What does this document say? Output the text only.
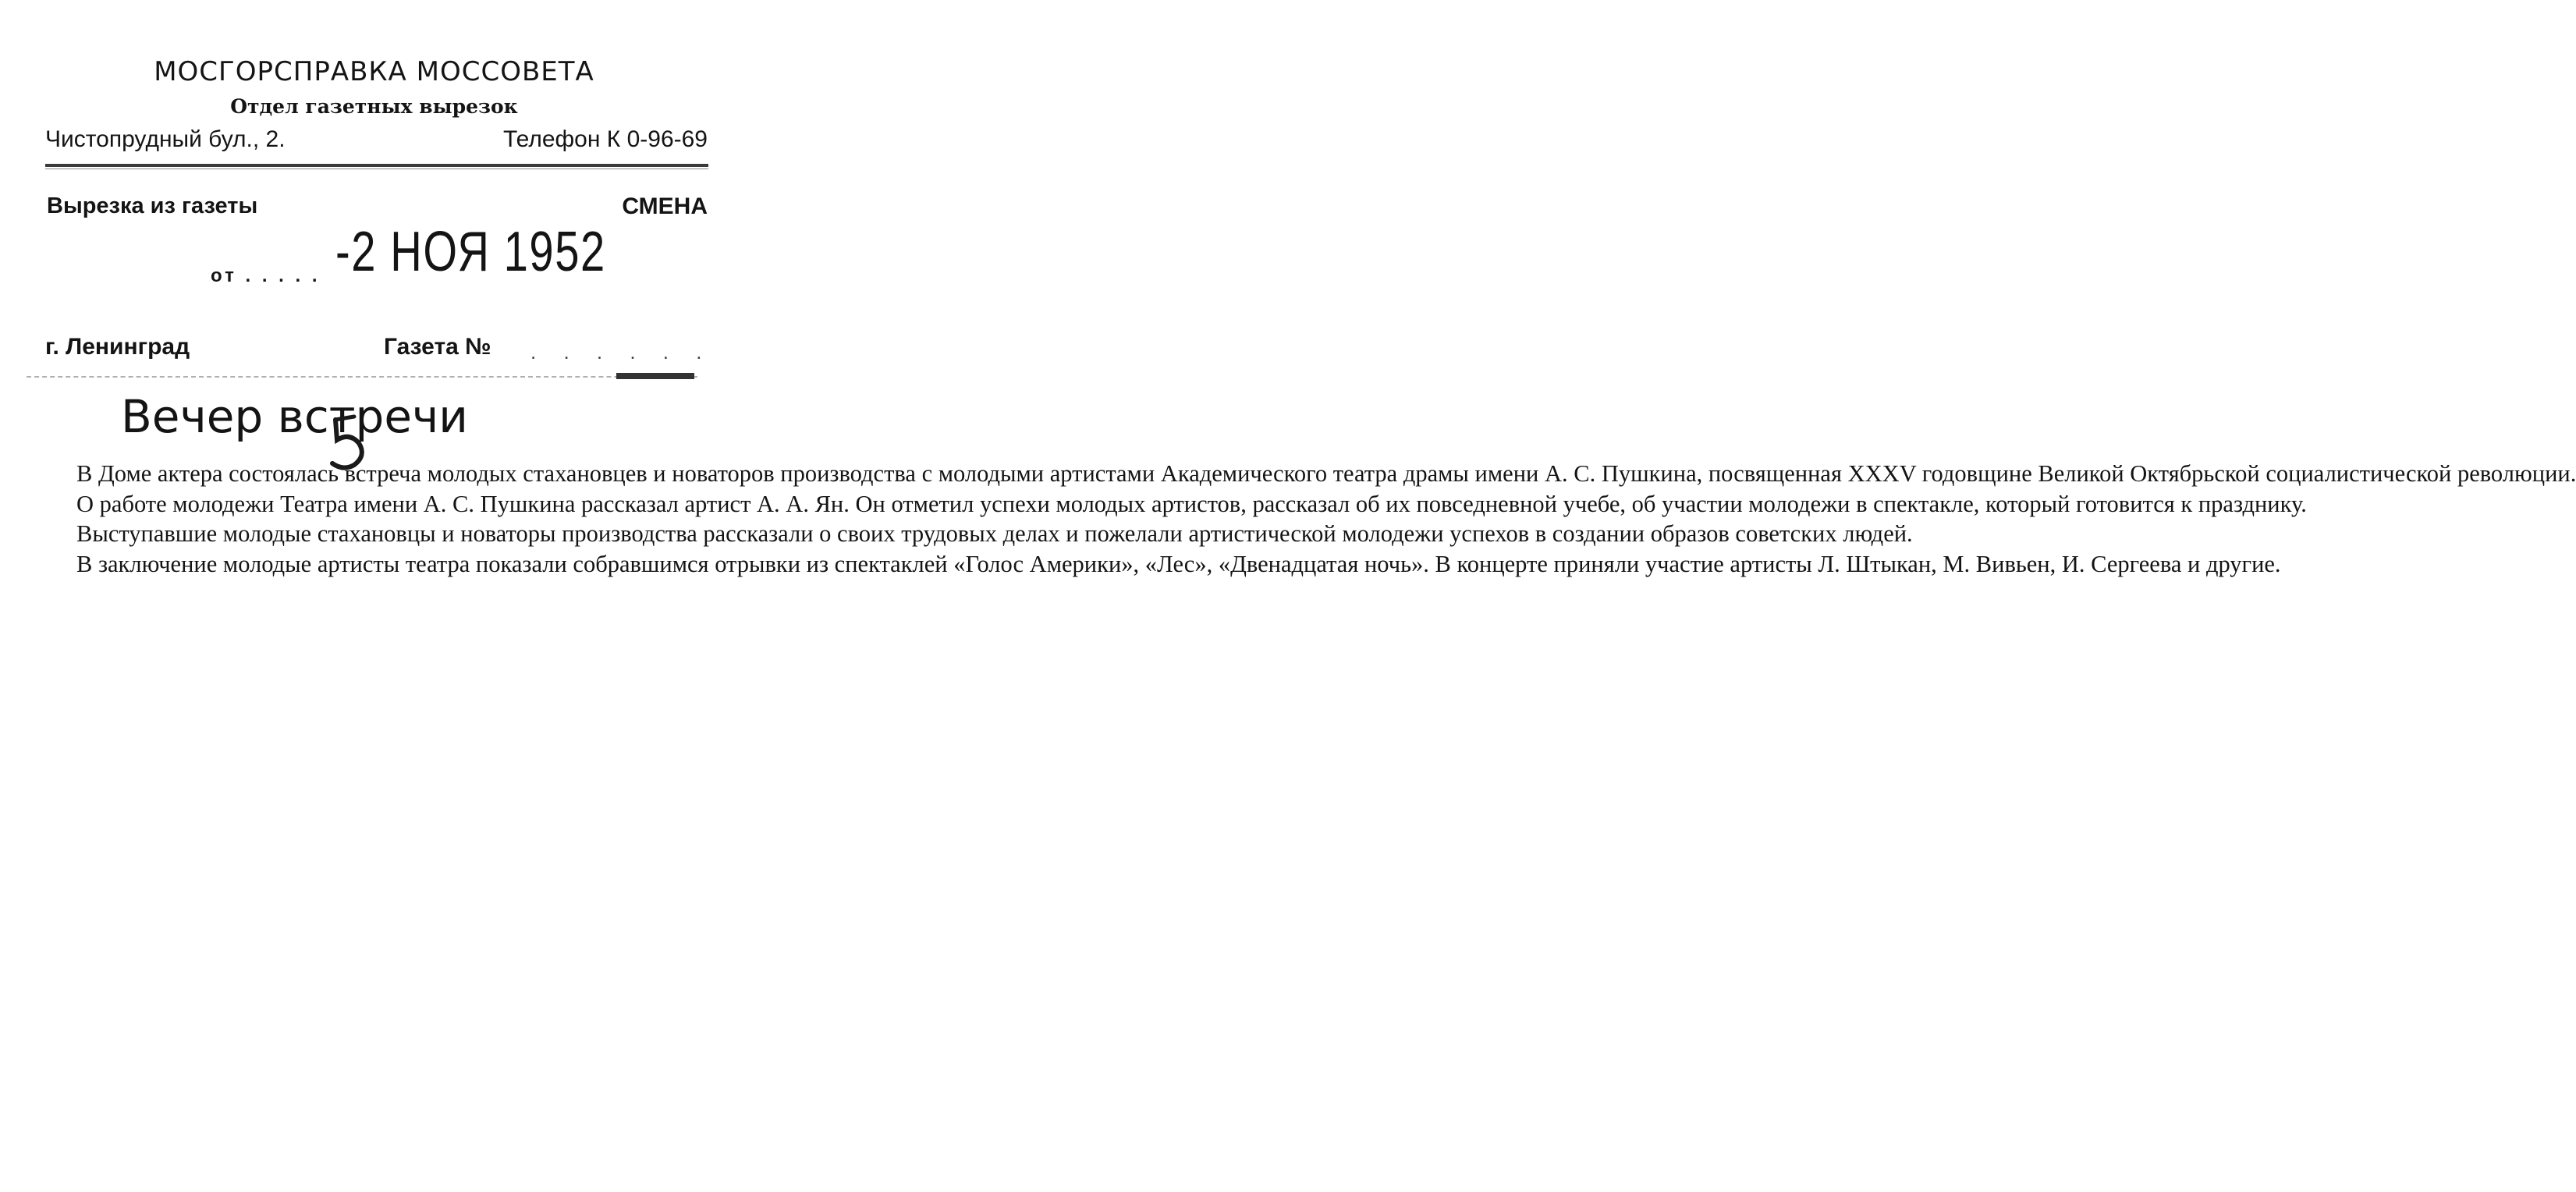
МОСГОРСПРАВКА МОССОВЕТА
Отдел газетных вырезок
Чистопрудный бул., 2.	Телефон К 0-96-69
Вырезка из газеты	СМЕНА
от . . . . . -2 НОЯ 1952
г. Ленинград	Газета № . . . . . .
Вечер встречи

В Доме актера состоялась встреча молодых стахановцев и новаторов производства с молодыми артистами Академического театра драмы имени А. С. Пушкина, посвященная XXXV годовщине Великой Октябрьской социалистической революции.

О работе молодежи Театра имени А. С. Пушкина рассказал артист А. А. Ян. Он отметил успехи молодых артистов, рассказал об их повседневной учебе, об участии молодежи в спектакле, который готовится к празднику.

Выступавшие молодые стахановцы и новаторы производства рассказали о своих трудовых делах и пожелали артистической молодежи успехов в создании образов советских людей.

В заключение молодые артисты театра показали собравшимся отрывки из спектаклей «Голос Америки», «Лес», «Двенадцатая ночь». В концерте приняли участие артисты Л. Штыкан, М. Вивьен, И. Сергеева и другие.
